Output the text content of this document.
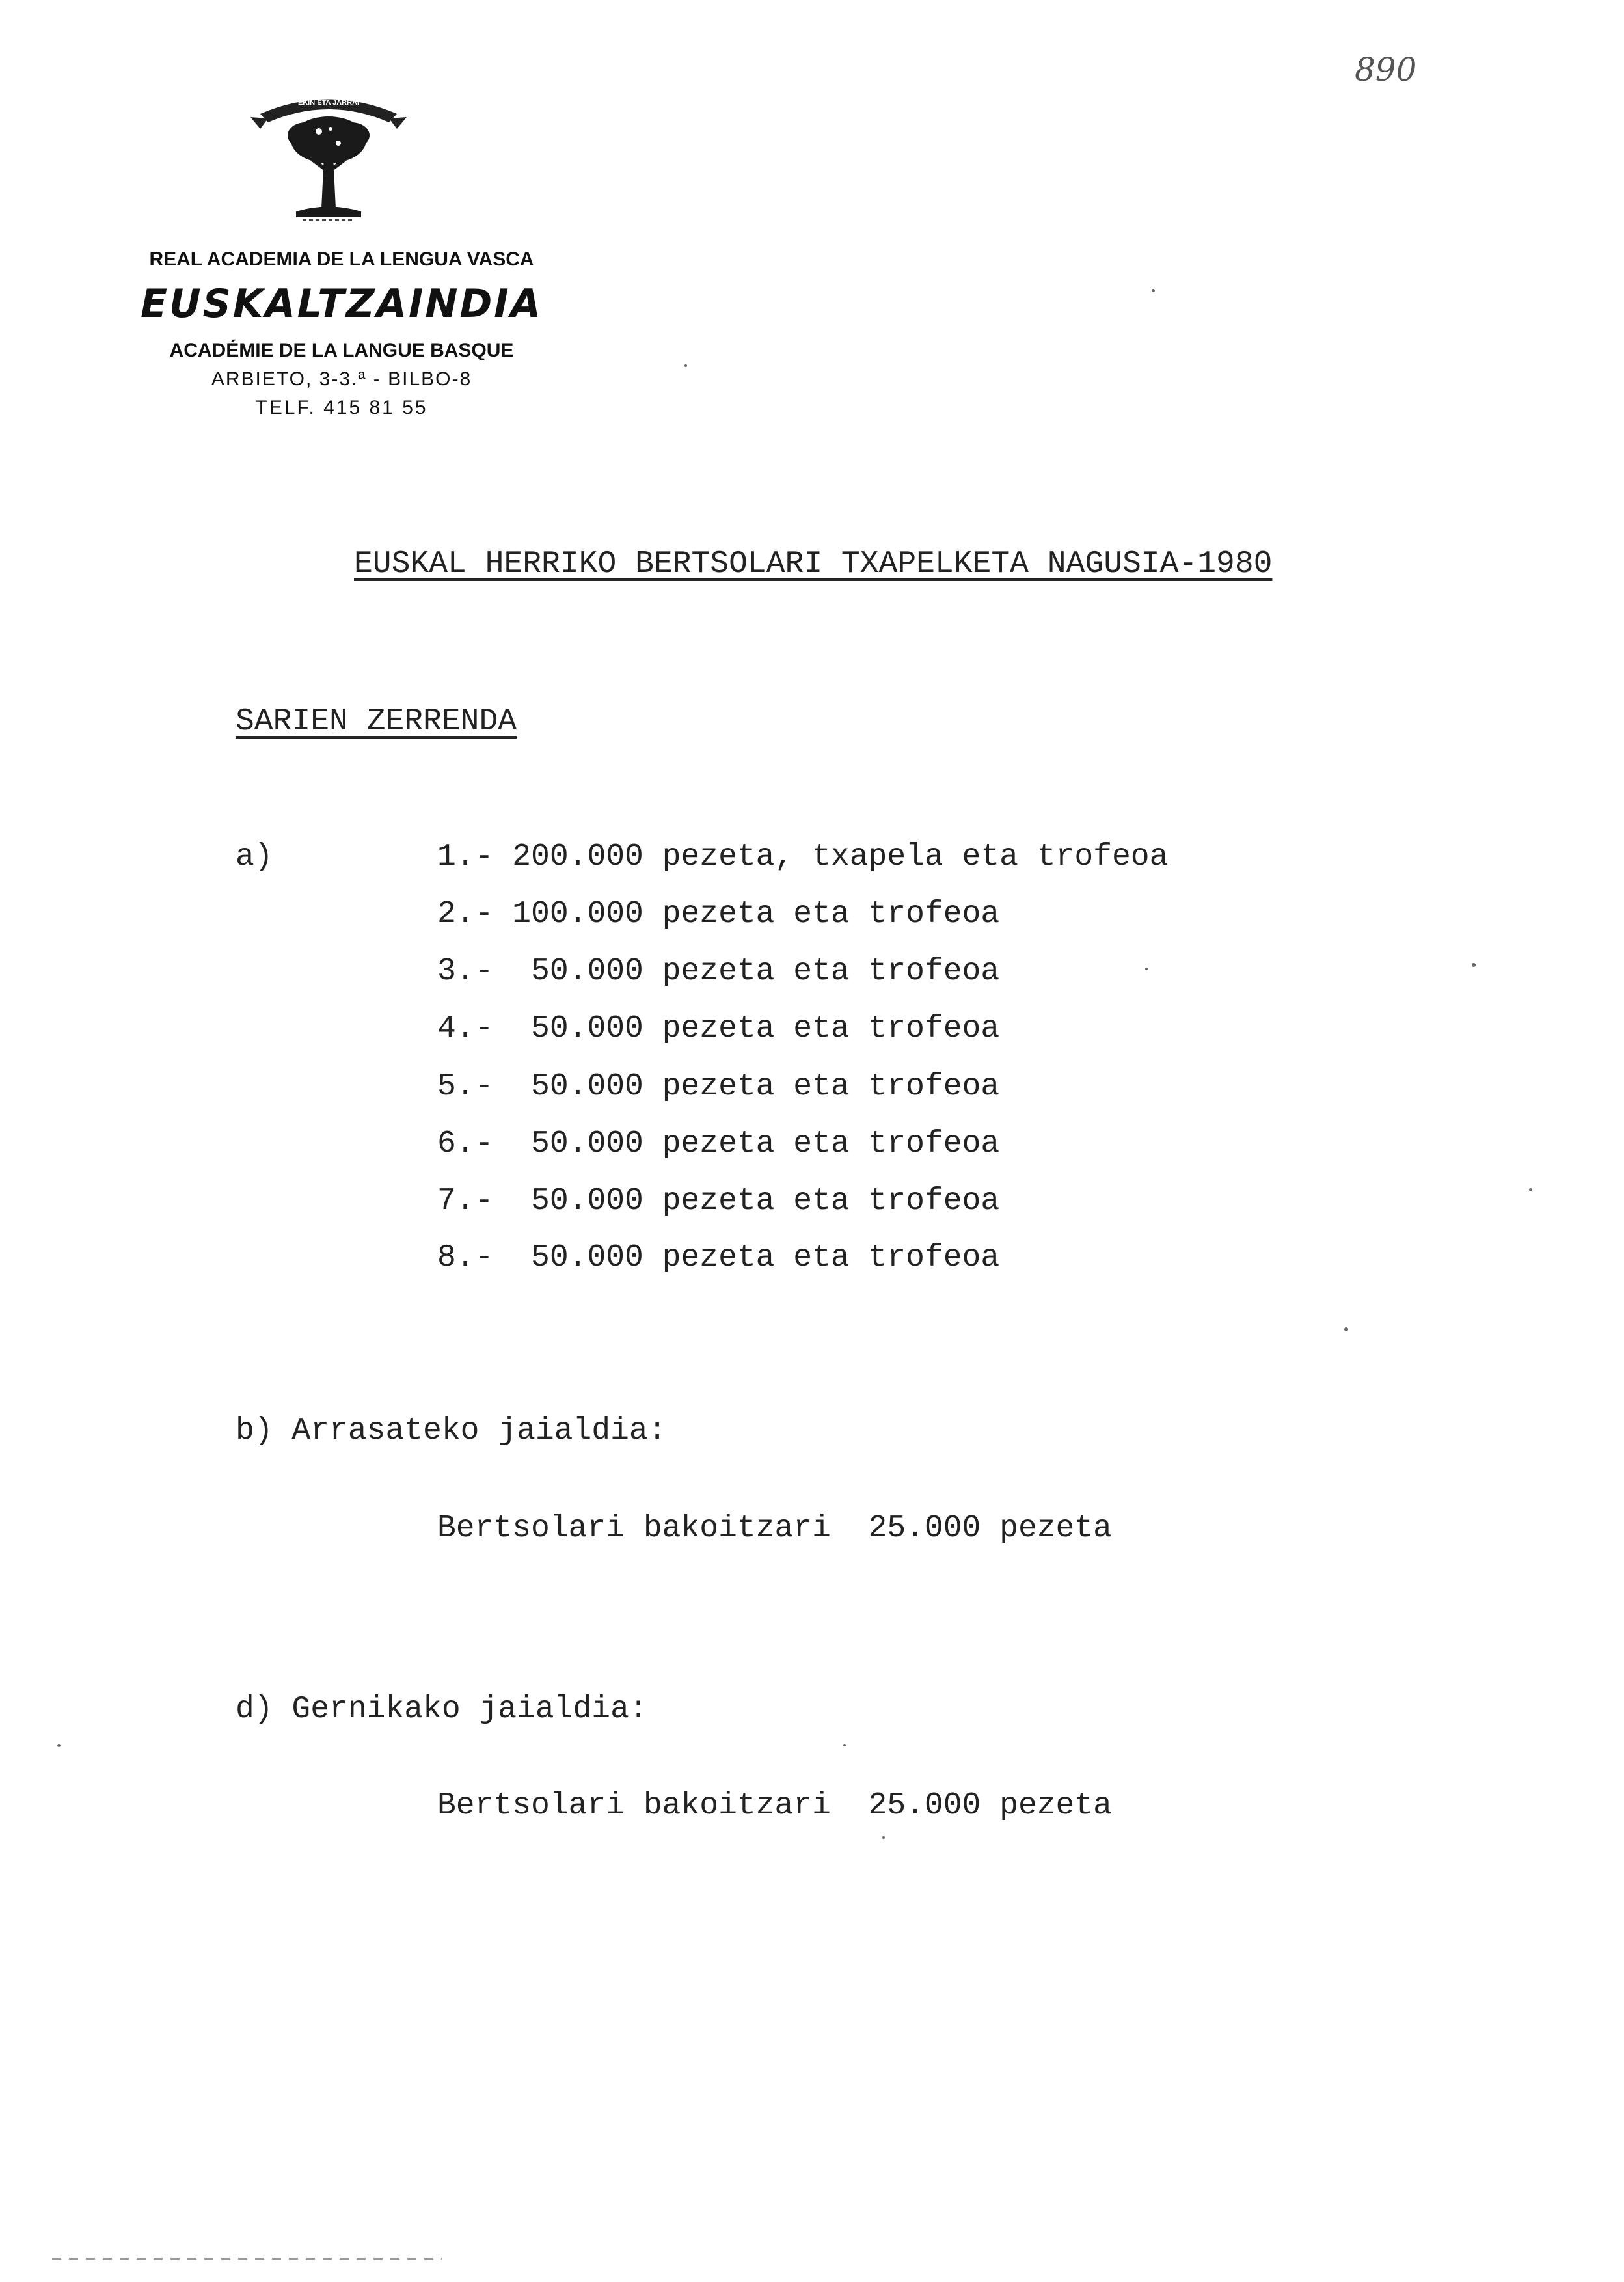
890
EKIN ETA JARRAI
REAL ACADEMIA DE LA LENGUA VASCA
EUSKALTZAINDIA
ACADÉMIE DE LA LANGUE BASQUE
ARBIETO, 3-3.ª - BILBO-8
TELF. 415 81 55
EUSKAL HERRIKO BERTSOLARI TXAPELKETA NAGUSIA-1980
SARIEN ZERRENDA
a)	1.- 200.000 pezeta, txapela eta trofeoa
2.- 100.000 pezeta eta trofeoa
3.-  50.000 pezeta eta trofeoa
4.-  50.000 pezeta eta trofeoa
5.-  50.000 pezeta eta trofeoa
6.-  50.000 pezeta eta trofeoa
7.-  50.000 pezeta eta trofeoa
8.-  50.000 pezeta eta trofeoa
b) Arrasateko jaialdia:
Bertsolari bakoitzari  25.000 pezeta
d) Gernikako jaialdia:
Bertsolari bakoitzari  25.000 pezeta
